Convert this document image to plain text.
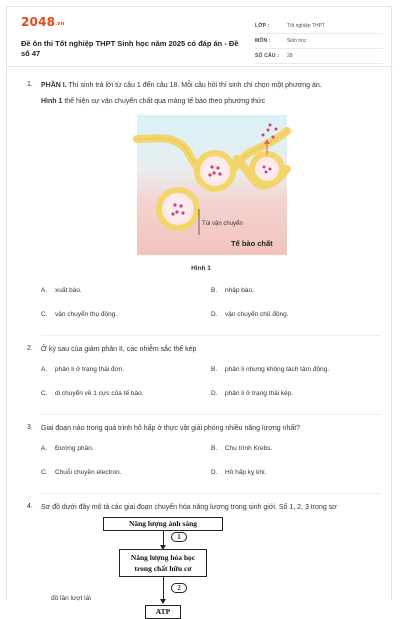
$2048^{.vn}$
Đề ôn thi Tốt nghiệp THPT Sinh học năm 2025 có đáp án - Đề số 47
LỚP :	Tốt nghiệp THPT
MÔN :	Sinh học
SỐ CÂU :	28
1. PHẦN I. Thí sinh trả lời từ câu 1 đến câu 18. Mỗi câu hỏi thí sinh chỉ chọn một phương án.
Hình 1 thể hiện sự vận chuyển chất qua màng tế bào theo phương thức
Túi vận chuyển
Tế bào chất
Hình 1
A.	xuất bào.	B.	nhập bào.
C.	vận chuyển thụ động.	D.	vận chuyển chủ động.
2. Ở kỳ sau của giảm phân II, các nhiễm sắc thể kép
A.	phân li ở trạng thái đơn.	B.	phân li nhưng không tách tâm động.
C.	di chuyển về 1 cực của tế bào.	D.	phân li ở trạng thái kép.
3. Giai đoạn nào trong quá trình hô hấp ở thực vật giải phóng nhiều năng lượng nhất?
A.	Đường phân.	B.	Chu trình Krebs.
C.	Chuỗi chuyền electron.	D.	Hô hấp kỵ khí.
4. Sơ đồ dưới đây mô tả các giai đoạn chuyển hóa năng lượng trong sinh giới. Số 1, 2, 3 trong sơ
Năng lượng ánh sáng
1
Năng lượng hóa học
trong chất hữu cơ
2
đồ lần lượt là\
ATP
